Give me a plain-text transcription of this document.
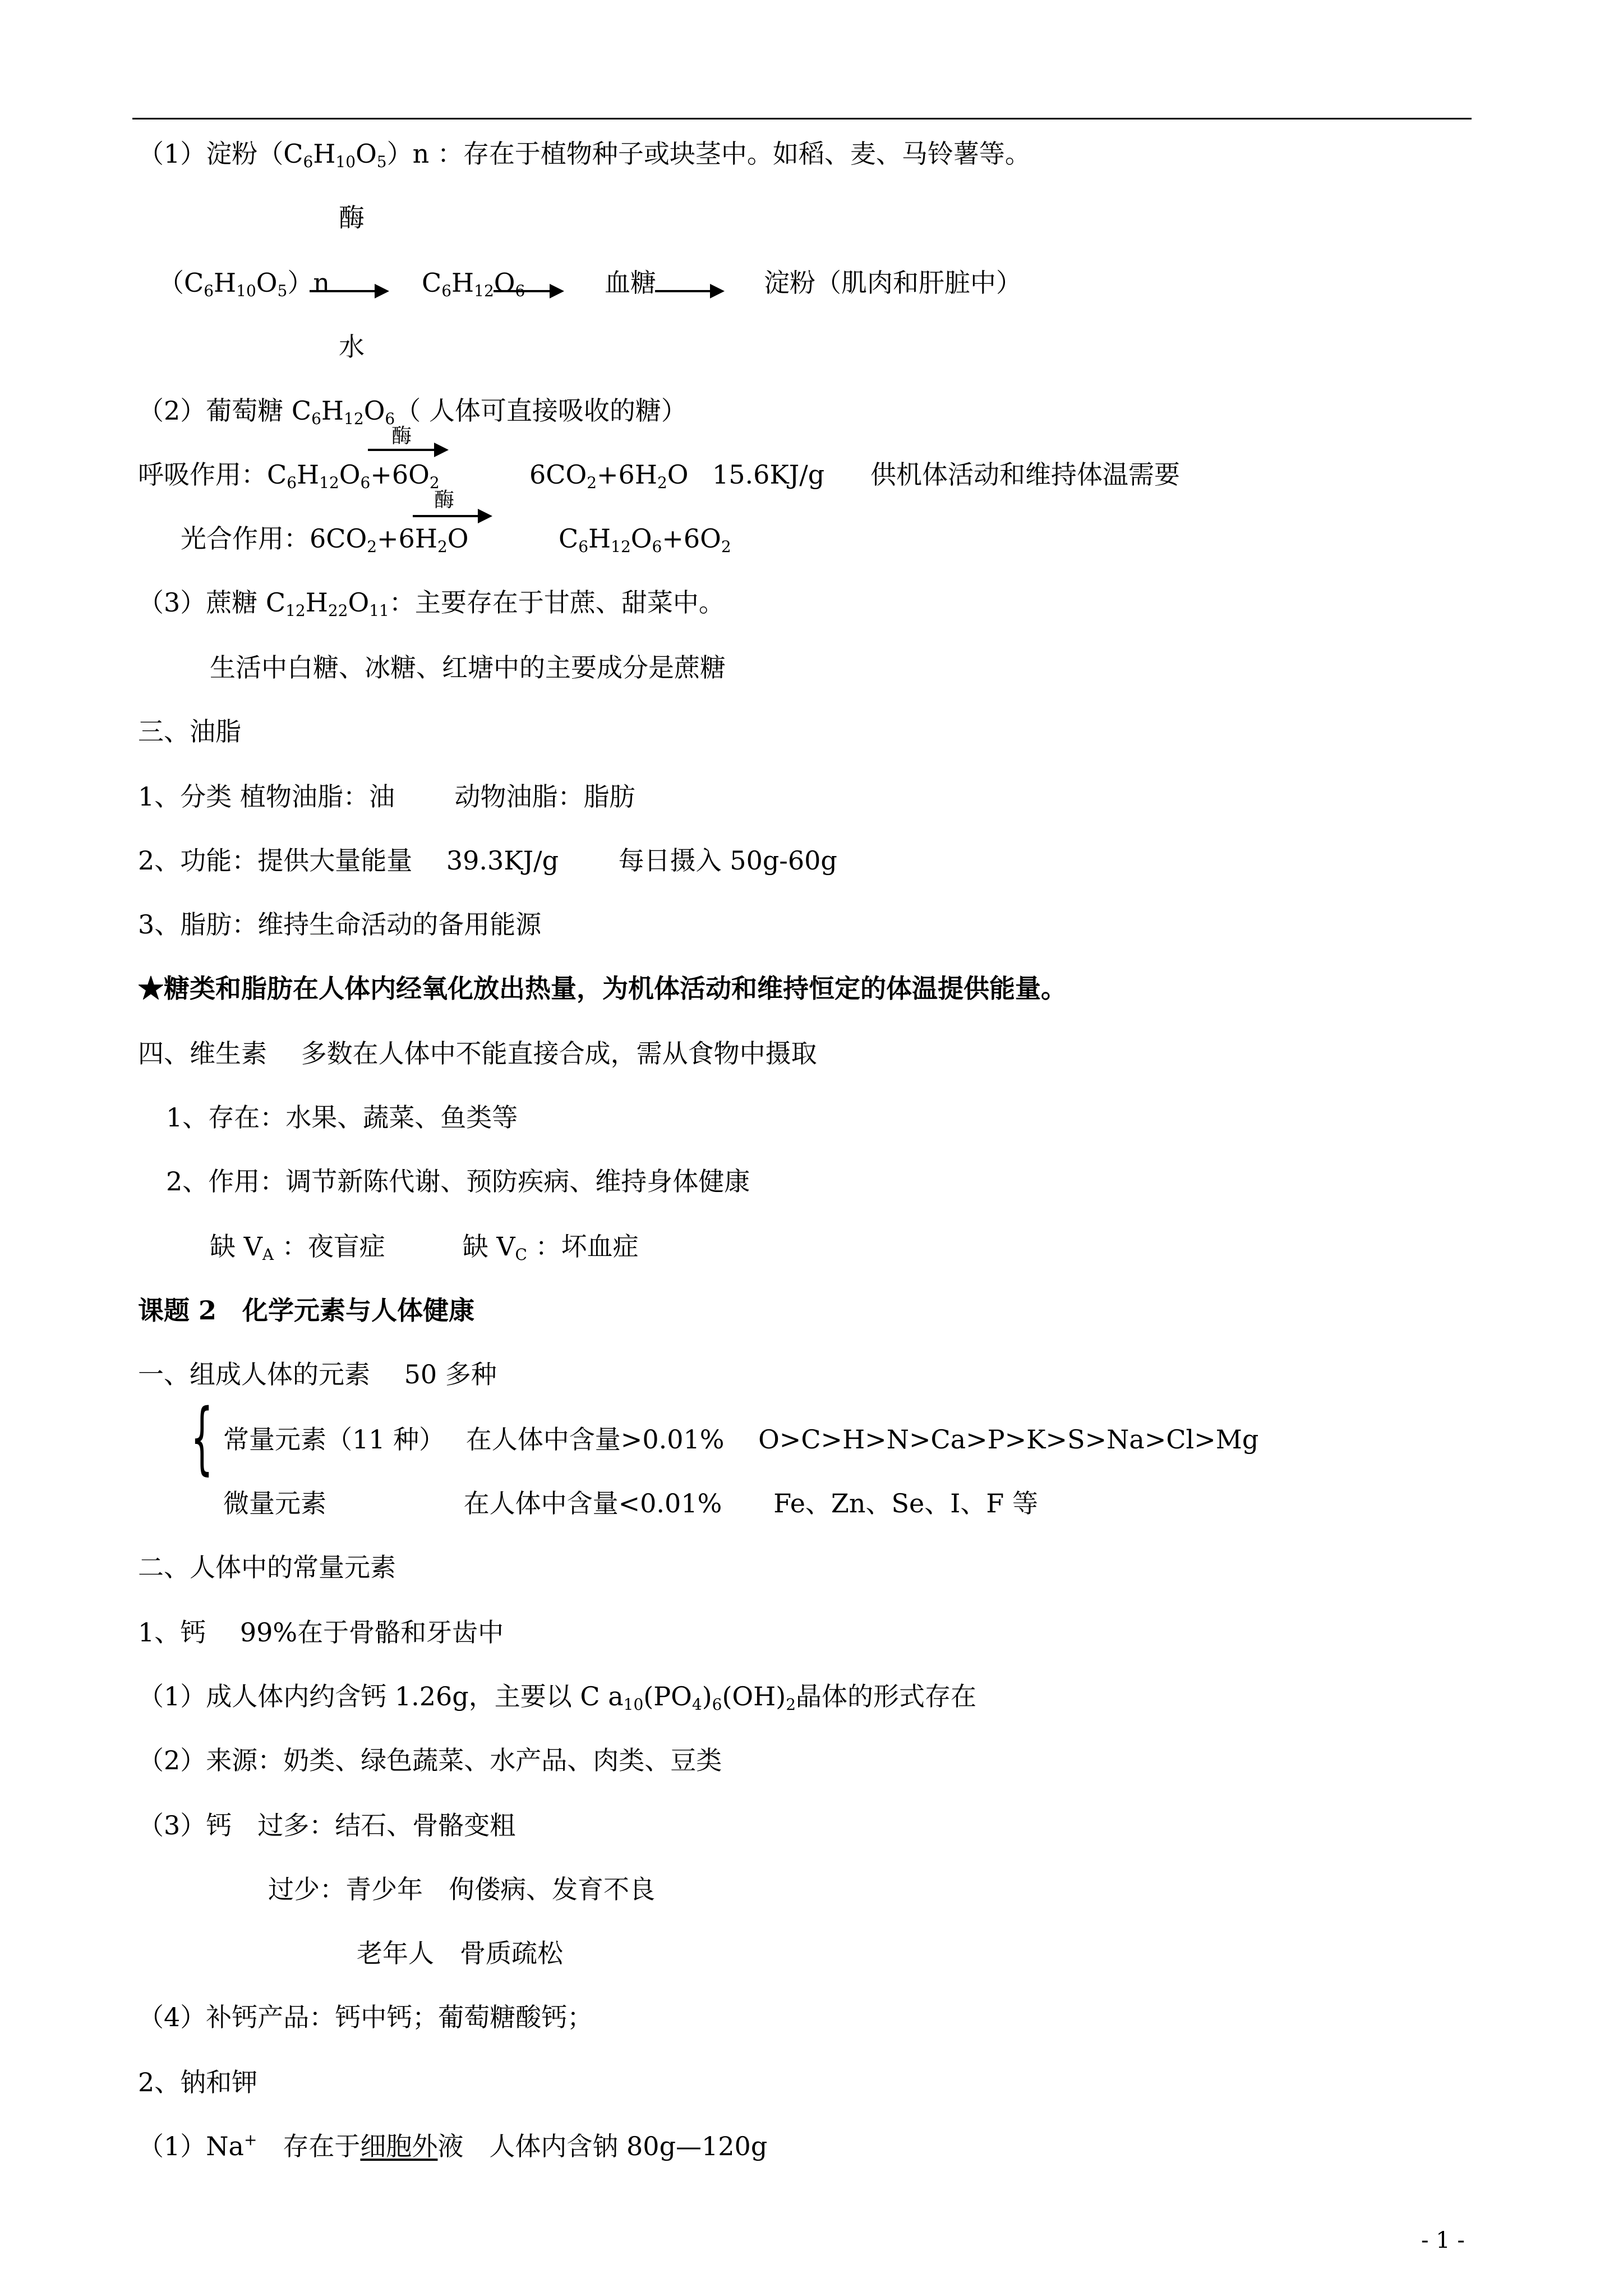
（1）淀粉$(C_6H_{10}O_5)n$ ：存在于植物种子或块茎中。如稻、麦、马铃薯等。
酶
$(C_6H_{10}O_5)n$	$C_6H_{12}O_6$	血糖	淀粉（肌肉和肝脏中）
水
（2）葡萄糖 $C_6H_{12}O_6$（ 人体可直接吸收的糖）
酶
呼吸作用：$C_6H_{12}O_6+6O_2$	$6CO_2+6H_2O$ 15.6KJ/g 供机体活动和维持体温需要
酶
光合作用：$6CO_2+6H_2O$	$C_6H_{12}O_6+6O_2$
（3）蔗糖 $C_{12}H_{22}O_{11}$：主要存在于甘蔗、甜菜中。
生活中白糖、冰糖、红塘中的主要成分是蔗糖
三、油脂
1、分类 植物油脂：油　　 动物油脂：脂肪
2、功能：提供大量能量　 39.3KJ/g　　 每日摄入 50g-60g
3、脂肪：维持生命活动的备用能源
★糖类和脂肪在人体内经氧化放出热量，为机体活动和维持恒定的体温提供能量。
四、维生素　 多数在人体中不能直接合成，需从食物中摄取
1、存在：水果、蔬菜、鱼类等
2、作用：调节新陈代谢、预防疾病、维持身体健康
缺 $V_A$ ：夜盲症　　　缺 $V_C$ ：坏血症
课题 2　化学元素与人体健康
一、组成人体的元素　 50 多种
{ 常量元素（11 种）　 在人体中含量>0.01%　 O>C>H>N>Ca>P>K>S>Na>Cl>Mg
微量元素　　　　　 在人体中含量<0.01%　　Fe、Zn、Se、I、F 等
二、人体中的常量元素
1、钙　 99%在于骨骼和牙齿中
（1）成人体内约含钙 1.26g，主要以 C $a_{10}(PO_4)_6(OH)_2$晶体的形式存在
（2）来源：奶类、绿色蔬菜、水产品、肉类、豆类
（3）钙　过多：结石、骨骼变粗
过少：青少年　佝偻病、发育不良
老年人　骨质疏松
（4）补钙产品：钙中钙；葡萄糖酸钙；
2、钠和钾
（1）Na+　存在于细胞外液　人体内含钠 80g—120g
- 1 -
